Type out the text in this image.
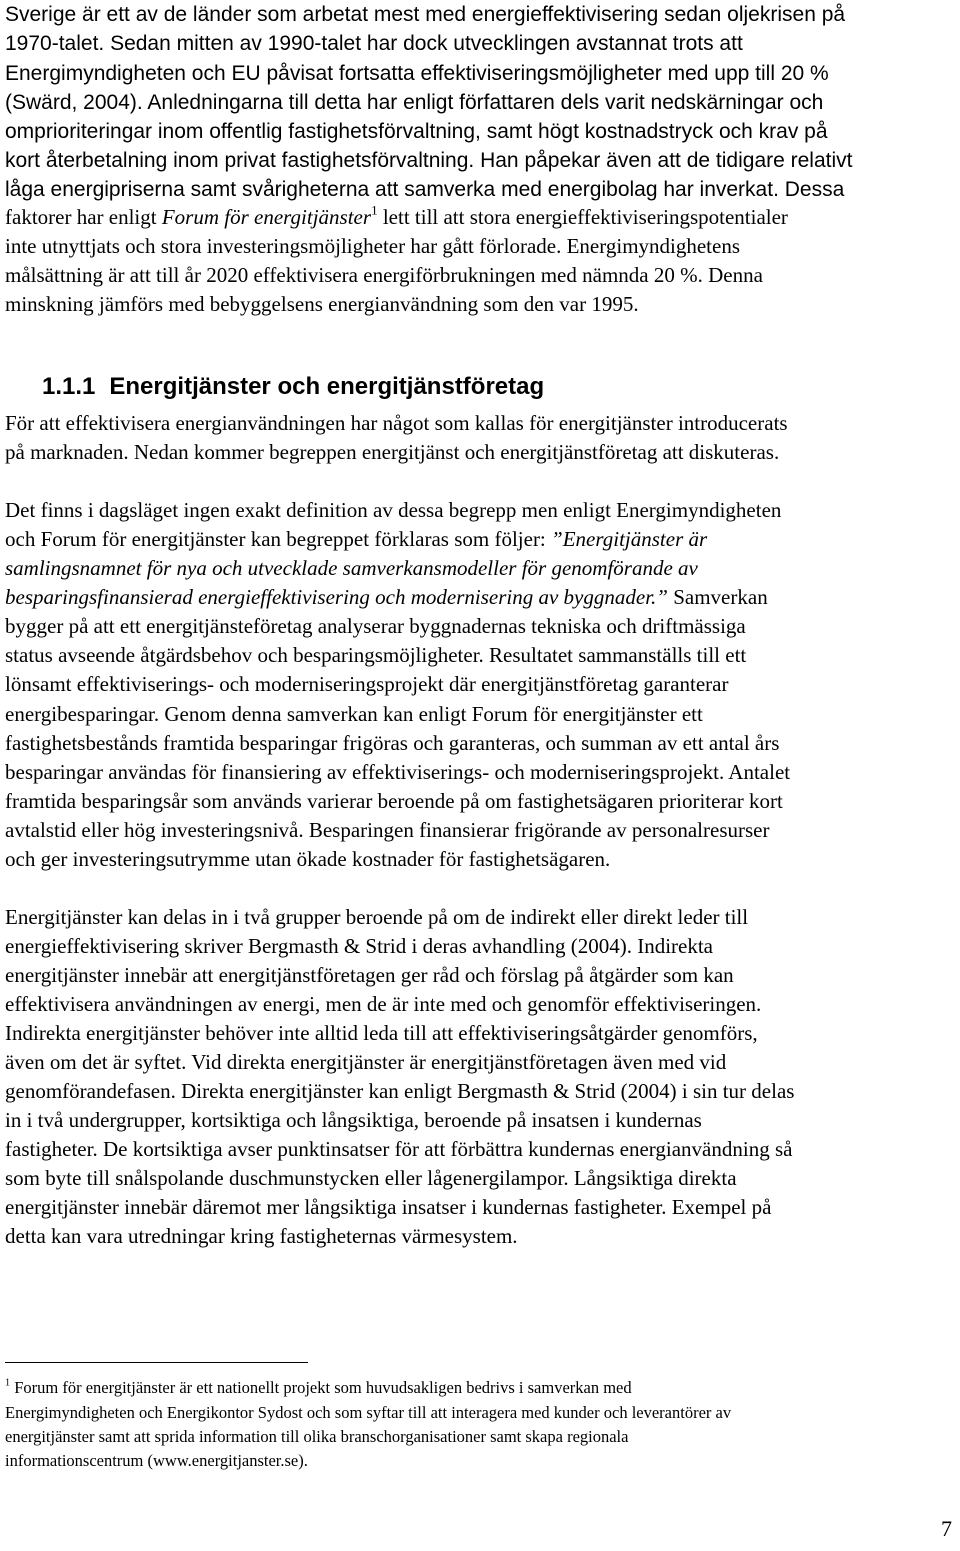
Sverige är ett av de länder som arbetat mest med energieffektivisering sedan oljekrisen på
1970-talet. Sedan mitten av 1990-talet har dock utvecklingen avstannat trots att
Energimyndigheten och EU påvisat fortsatta effektiviseringsmöjligheter med upp till 20 %
(Swärd, 2004). Anledningarna till detta har enligt författaren dels varit nedskärningar och
omprioriteringar inom offentlig fastighetsförvaltning, samt högt kostnadstryck och krav på
kort återbetalning inom privat fastighetsförvaltning. Han påpekar även att de tidigare relativt
låga energipriserna samt svårigheterna att samverka med energibolag har inverkat. Dessa
faktorer har enligt Forum för energitjänster$^1$ lett till att stora energieffektiviseringspotentialer
inte utnyttjats och stora investeringsmöjligheter har gått förlorade. Energimyndighetens
målsättning är att till år 2020 effektivisera energiförbrukningen med nämnda 20 %. Denna
minskning jämförs med bebyggelsens energianvändning som den var 1995.
1.1.1 Energitjänster och energitjänstföretag
För att effektivisera energianvändningen har något som kallas för energitjänster introducerats
på marknaden. Nedan kommer begreppen energitjänst och energitjänstföretag att diskuteras.
Det finns i dagsläget ingen exakt definition av dessa begrepp men enligt Energimyndigheten
och Forum för energitjänster kan begreppet förklaras som följer: ”Energitjänster är
samlingsnamnet för nya och utvecklade samverkansmodeller för genomförande av
besparingsfinansierad energieffektivisering och modernisering av byggnader.” Samverkan
bygger på att ett energitjänsteföretag analyserar byggnadernas tekniska och driftmässiga
status avseende åtgärdsbehov och besparingsmöjligheter. Resultatet sammanställs till ett
lönsamt effektiviserings- och moderniseringsprojekt där energitjänstföretag garanterar
energibesparingar. Genom denna samverkan kan enligt Forum för energitjänster ett
fastighetsbestånds framtida besparingar frigöras och garanteras, och summan av ett antal års
besparingar användas för finansiering av effektiviserings- och moderniseringsprojekt. Antalet
framtida besparingsår som används varierar beroende på om fastighetsägaren prioriterar kort
avtalstid eller hög investeringsnivå. Besparingen finansierar frigörande av personalresurser
och ger investeringsutrymme utan ökade kostnader för fastighetsägaren.
Energitjänster kan delas in i två grupper beroende på om de indirekt eller direkt leder till
energieffektivisering skriver Bergmasth & Strid i deras avhandling (2004). Indirekta
energitjänster innebär att energitjänstföretagen ger råd och förslag på åtgärder som kan
effektivisera användningen av energi, men de är inte med och genomför effektiviseringen.
Indirekta energitjänster behöver inte alltid leda till att effektiviseringsåtgärder genomförs,
även om det är syftet. Vid direkta energitjänster är energitjänstföretagen även med vid
genomförandefasen. Direkta energitjänster kan enligt Bergmasth & Strid (2004) i sin tur delas
in i två undergrupper, kortsiktiga och långsiktiga, beroende på insatsen i kundernas
fastigheter. De kortsiktiga avser punktinsatser för att förbättra kundernas energianvändning så
som byte till snålspolande duschmunstycken eller lågenergilampor. Långsiktiga direkta
energitjänster innebär däremot mer långsiktiga insatser i kundernas fastigheter. Exempel på
detta kan vara utredningar kring fastigheternas värmesystem.
$^1$ Forum för energitjänster är ett nationellt projekt som huvudsakligen bedrivs i samverkan med
Energimyndigheten och Energikontor Sydost och som syftar till att interagera med kunder och leverantörer av
energitjänster samt att sprida information till olika branschorganisationer samt skapa regionala
informationscentrum (www.energitjanster.se).
7
